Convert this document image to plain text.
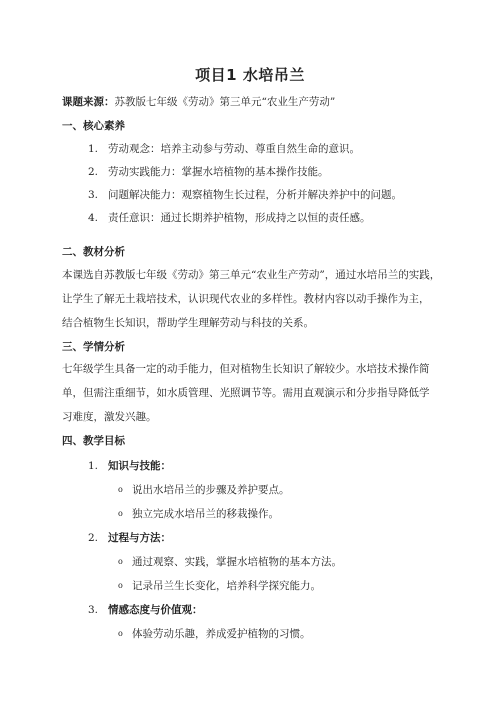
项目1 水培吊兰
课题来源：苏教版七年级《劳动》第三单元“农业生产劳动”
一、核心素养
1. 劳动观念：培养主动参与劳动、尊重自然生命的意识。
2. 劳动实践能力：掌握水培植物的基本操作技能。
3. 问题解决能力：观察植物生长过程，分析并解决养护中的问题。
4. 责任意识：通过长期养护植物，形成持之以恒的责任感。
二、教材分析
本课选自苏教版七年级《劳动》第三单元“农业生产劳动”，通过水培吊兰的实践，
让学生了解无土栽培技术，认识现代农业的多样性。教材内容以动手操作为主，
结合植物生长知识，帮助学生理解劳动与科技的关系。
三、学情分析
七年级学生具备一定的动手能力，但对植物生长知识了解较少。水培技术操作简
单，但需注重细节，如水质管理、光照调节等。需用直观演示和分步指导降低学
习难度，激发兴趣。
四、教学目标
1. 知识与技能：
o 说出水培吊兰的步骤及养护要点。
o 独立完成水培吊兰的移栽操作。
2. 过程与方法：
o 通过观察、实践，掌握水培植物的基本方法。
o 记录吊兰生长变化，培养科学探究能力。
3. 情感态度与价值观：
o 体验劳动乐趣，养成爱护植物的习惯。
